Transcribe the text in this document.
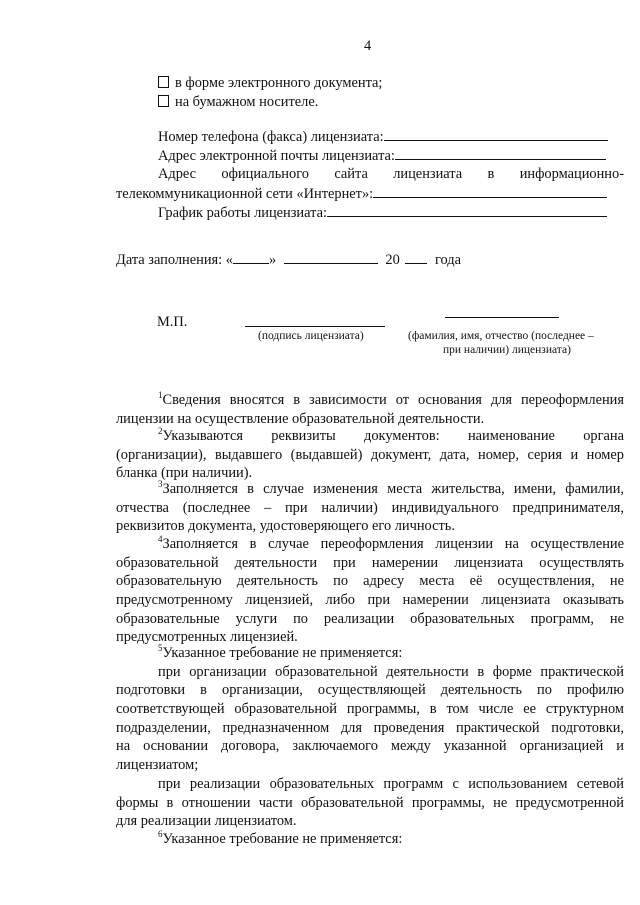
4
в форме электронного документа;
на бумажном носителе.
Номер телефона (факса) лицензиата:
Адрес электронной почты лицензиата:
Адрес официального сайта лицензиата в информационно-
телекоммуникационной сети «Интернет»:
График работы лицензиата:
Дата заполнения: «	»	20 года
М.П.
(подпись лицензиата)	(фамилия, имя, отчество (последнее –
при наличии) лицензиата)
$^1$Сведения вносятся в зависимости от основания для переоформления
лицензии на осуществление образовательной деятельности.
$^2$Указываются реквизиты документов: наименование органа
(организации), выдавшего (выдавшей) документ, дата, номер, серия и номер
бланка (при наличии).
$^3$Заполняется в случае изменения места жительства, имени, фамилии,
отчества (последнее – при наличии) индивидуального предпринимателя,
реквизитов документа, удостоверяющего его личность.
$^4$Заполняется в случае переоформления лицензии на осуществление
образовательной деятельности при намерении лицензиата осуществлять
образовательную деятельность по адресу места её осуществления, не
предусмотренному лицензией, либо при намерении лицензиата оказывать
образовательные услуги по реализации образовательных программ, не
предусмотренных лицензией.
$^5$Указанное требование не применяется:
при организации образовательной деятельности в форме практической
подготовки в организации, осуществляющей деятельность по профилю
соответствующей образовательной программы, в том числе ее структурном
подразделении, предназначенном для проведения практической подготовки,
на основании договора, заключаемого между указанной организацией и
лицензиатом;
при реализации образовательных программ с использованием сетевой
формы в отношении части образовательной программы, не предусмотренной
для реализации лицензиатом.
$^6$Указанное требование не применяется:
